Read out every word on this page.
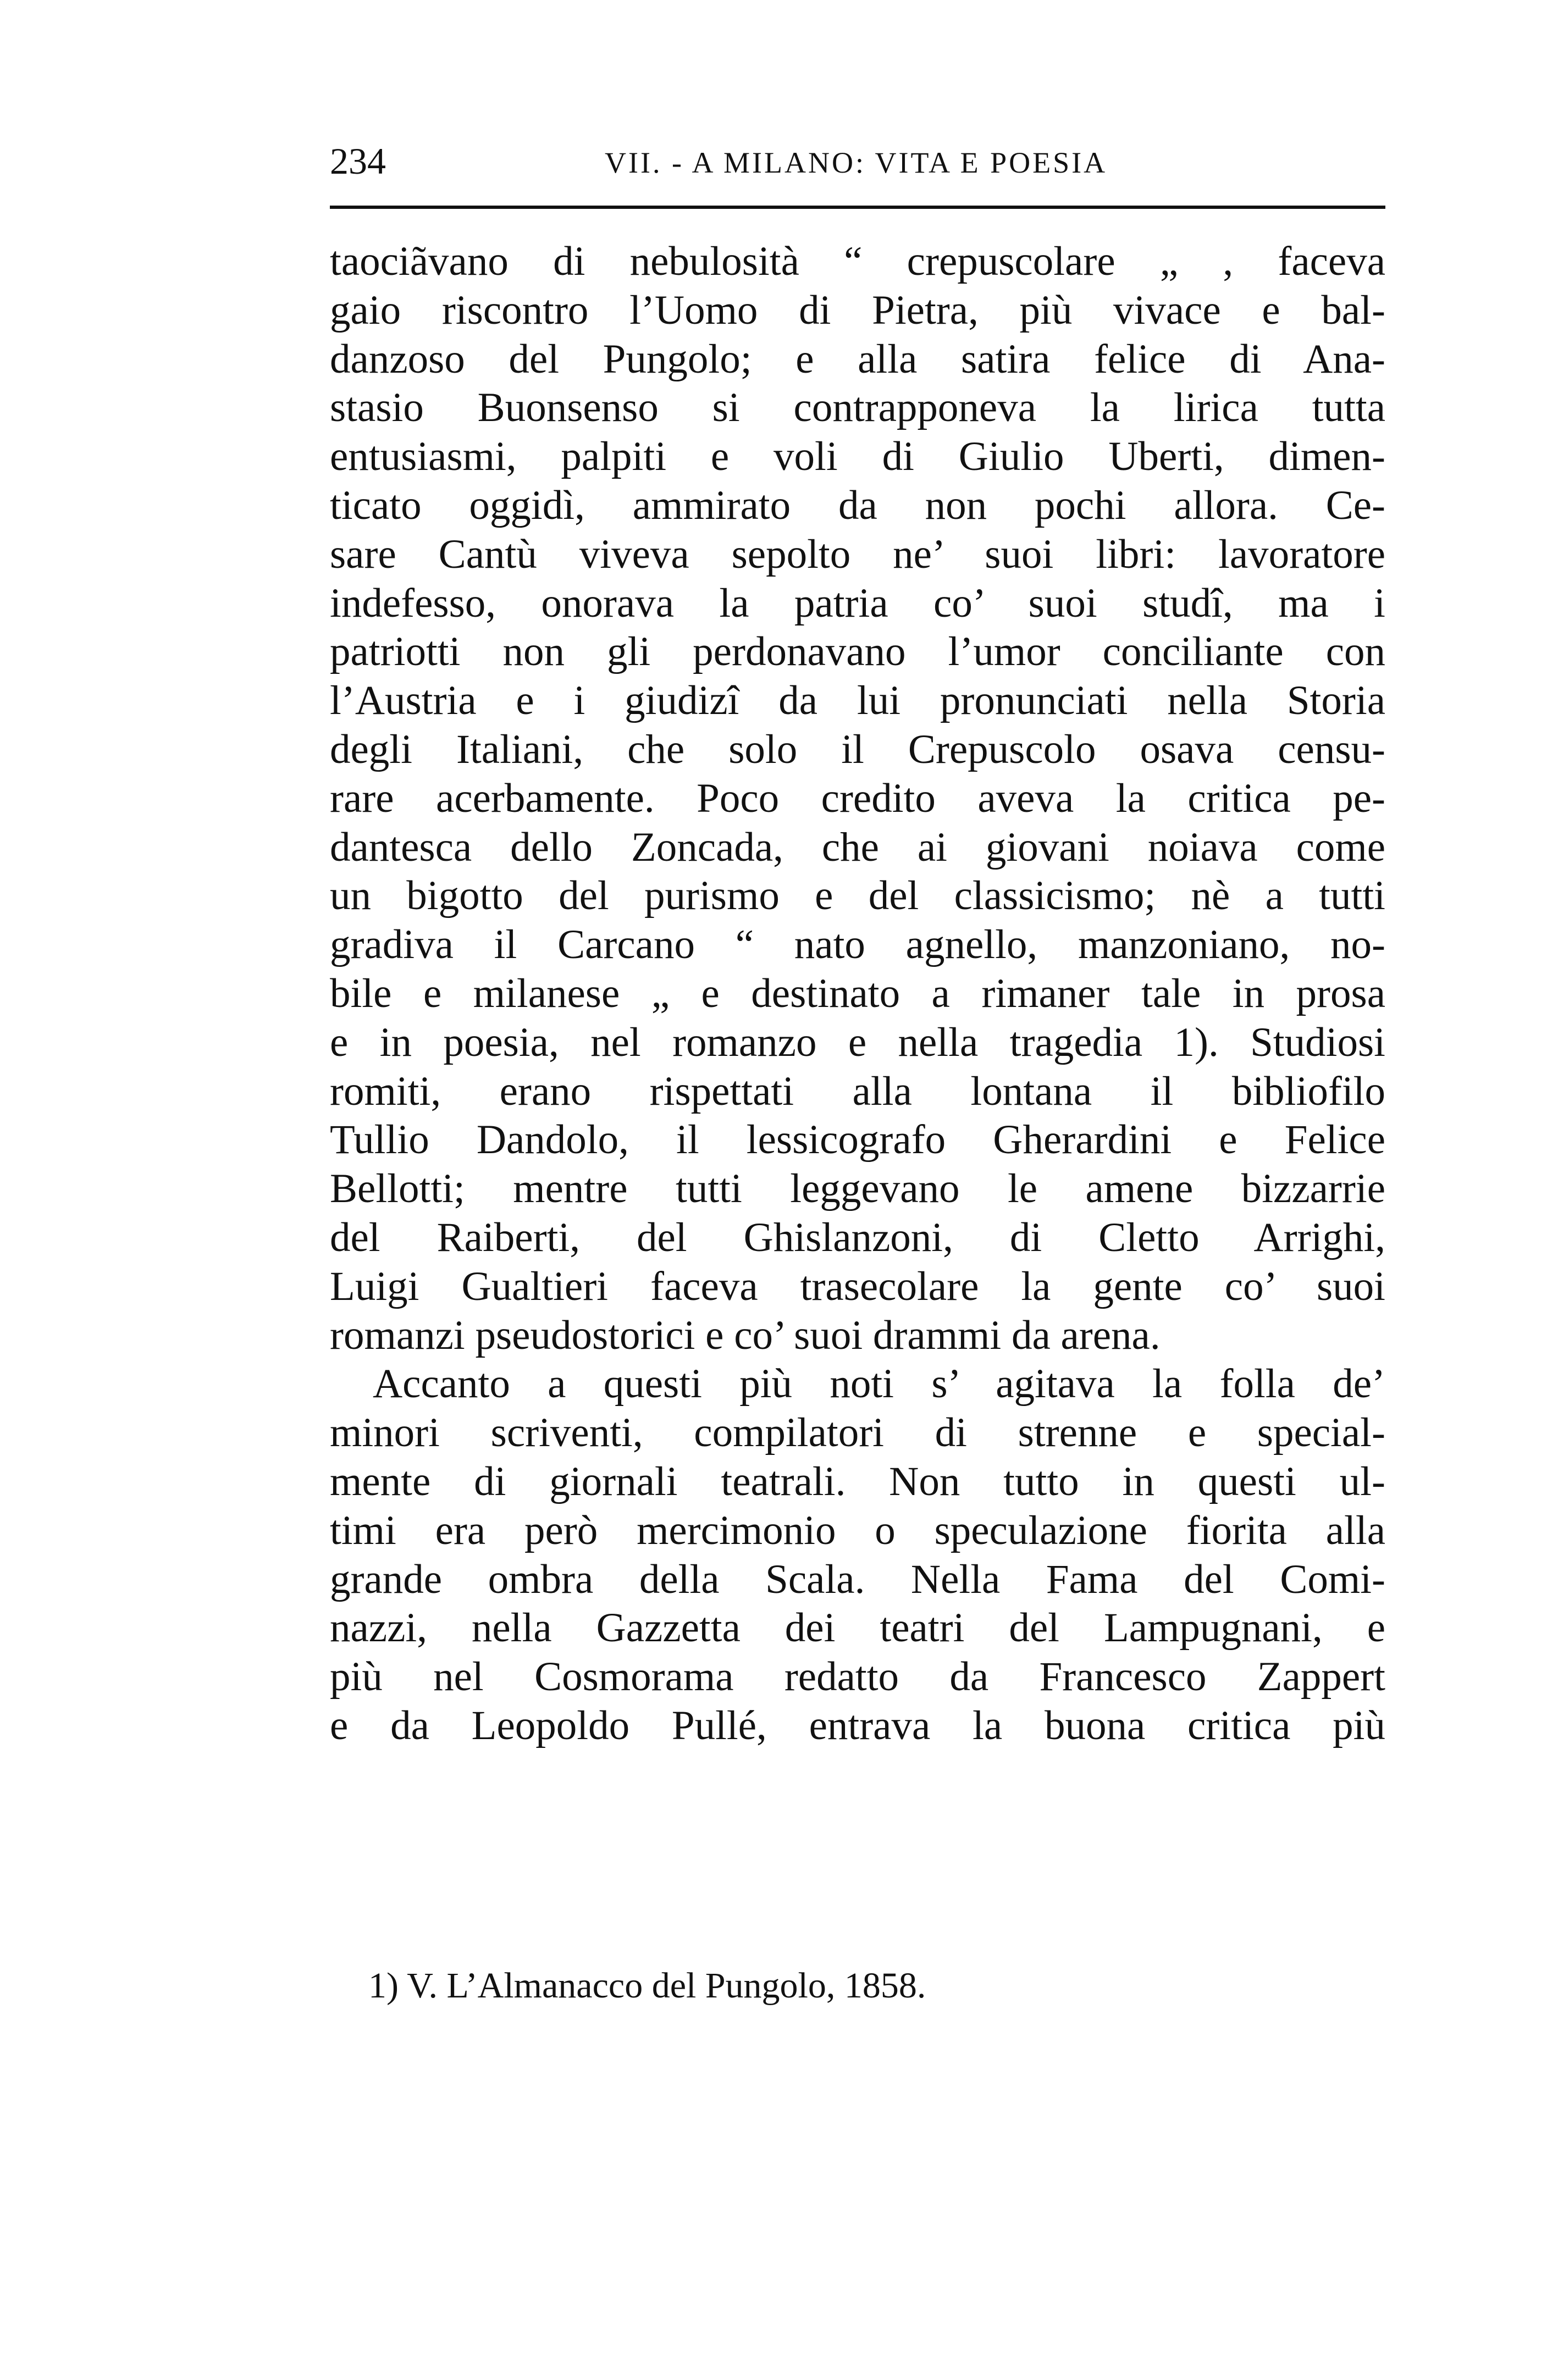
234	VII. - A MILANO: VITA E POESIA
taociãvano di nebulosità “ crepuscolare „ , faceva
gaio riscontro l’Uomo di Pietra, più vivace e bal-
danzoso del Pungolo; e alla satira felice di Ana-
stasio Buonsenso si contrapponeva la lirica tutta
entusiasmi, palpiti e voli di Giulio Uberti, dimen-
ticato oggidì, ammirato da non pochi allora. Ce-
sare Cantù viveva sepolto ne’ suoi libri: lavoratore
indefesso, onorava la patria co’ suoi studî, ma i
patriotti non gli perdonavano l’umor conciliante con
l’Austria e i giudizî da lui pronunciati nella Storia
degli Italiani, che solo il Crepuscolo osava censu-
rare acerbamente. Poco credito aveva la critica pe-
dantesca dello Zoncada, che ai giovani noiava come
un bigotto del purismo e del classicismo; nè a tutti
gradiva il Carcano “ nato agnello, manzoniano, no-
bile e milanese „ e destinato a rimaner tale in prosa
e in poesia, nel romanzo e nella tragedia 1). Studiosi
romiti, erano rispettati alla lontana il bibliofilo
Tullio Dandolo, il lessicografo Gherardini e Felice
Bellotti; mentre tutti leggevano le amene bizzarrie
del Raiberti, del Ghislanzoni, di Cletto Arrighi,
Luigi Gualtieri faceva trasecolare la gente co’ suoi
romanzi pseudostorici e co’ suoi drammi da arena.
Accanto a questi più noti s’ agitava la folla de’
minori scriventi, compilatori di strenne e special-
mente di giornali teatrali. Non tutto in questi ul-
timi era però mercimonio o speculazione fiorita alla
grande ombra della Scala. Nella Fama del Comi-
nazzi, nella Gazzetta dei teatri del Lampugnani, e
più nel Cosmorama redatto da Francesco Zappert
e da Leopoldo Pullé, entrava la buona critica più
1) V. L’Almanacco del Pungolo, 1858.
